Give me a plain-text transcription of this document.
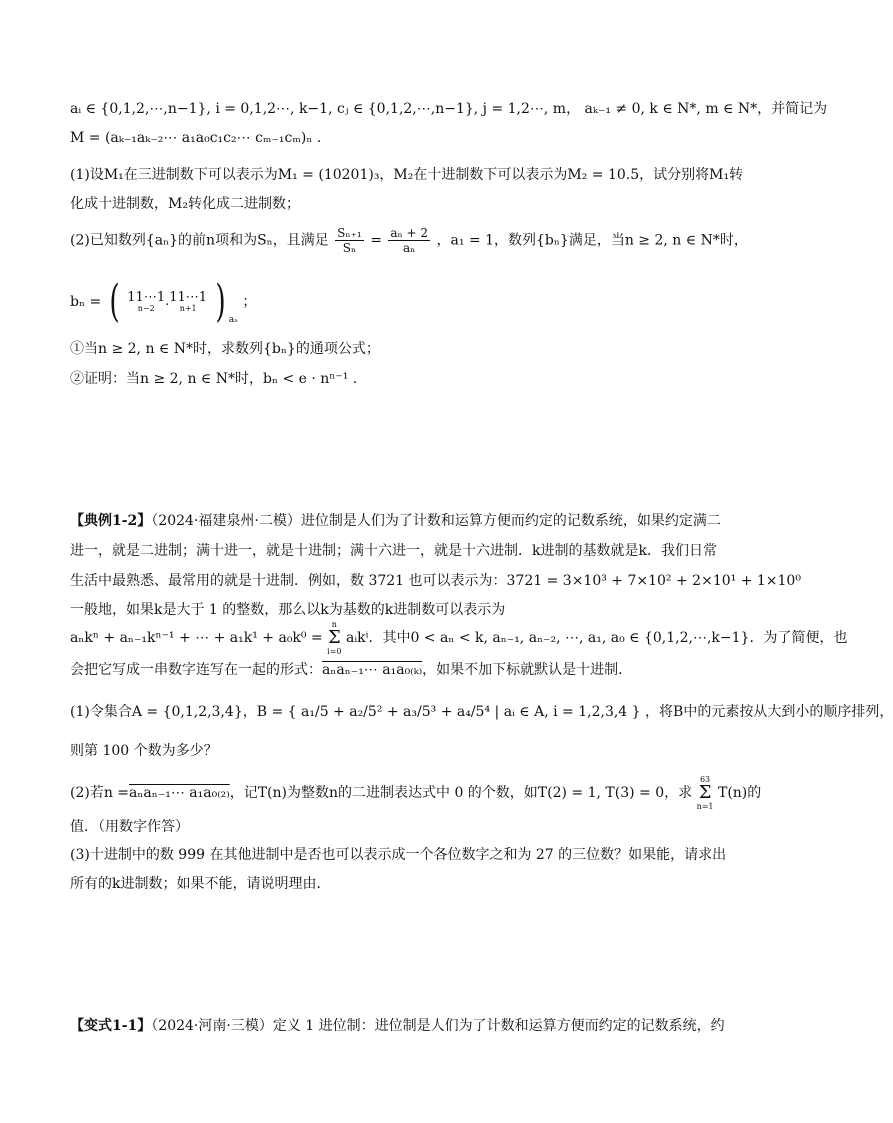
aᵢ ∈ {0,1,2,⋯,n−1}, i = 0,1,2⋯, k−1, cⱼ ∈ {0,1,2,⋯,n−1}, j = 1,2⋯, m， aₖ₋₁ ≠ 0, k ∈ N*, m ∈ N*，并简记为
M = (aₖ₋₁aₖ₋₂⋯ a₁a₀c₁c₂⋯ cₘ₋₁cₘ)ₙ .
(1)设M₁在三进制数下可以表示为M₁ = (10201)₃，M₂在十进制数下可以表示为M₂ = 10.5，试分别将M₁转
化成十进制数，M₂转化成二进制数；
(2)已知数列{aₙ}的前n项和为Sₙ，且满足 $\frac{\text{Sₙ₊₁}}{\text{Sₙ}} = \frac{\text{aₙ + 2}}{\text{aₙ}}$ ，a₁ = 1，数列{bₙ}满足，当n ≥ 2, n ∈ N*时，
bₙ = ( 11⋯1
n−2 .11⋯1
n+1 ) $_{a_n}$ ；
①当n ≥ 2, n ∈ N*时，求数列{bₙ}的通项公式；
②证明：当n ≥ 2, n ∈ N*时，bₙ < e · nⁿ⁻¹ .
【典例1-2】（2024·福建泉州·二模）进位制是人们为了计数和运算方便而约定的记数系统，如果约定满二
进一，就是二进制；满十进一，就是十进制；满十六进一，就是十六进制．k进制的基数就是k．我们日常
生活中最熟悉、最常用的就是十进制．例如，数 3721 也可以表示为：3721 = 3×10³ + 7×10² + 2×10¹ + 1×10⁰
一般地，如果k是大于 1 的整数，那么以k为基数的k进制数可以表示为
aₙkⁿ + aₙ₋₁kⁿ⁻¹ + ⋯ + a₁k¹ + a₀k⁰ = n
Σ
i=0 aᵢkⁱ．其中0 < aₙ < k, aₙ₋₁, aₙ₋₂, ⋯, a₁, a₀ ∈ {0,1,2,⋯,k−1}．为了简便，也
会把它写成一串数字连写在一起的形式：aₙaₙ₋₁⋯ a₁a₀₍ₖ₎，如果不加下标就默认是十进制．
(1)令集合A = {0,1,2,3,4}，B = { a₁/5 + a₂/5² + a₃/5³ + a₄/5⁴ | aᵢ ∈ A, i = 1,2,3,4 } ，将B中的元素按从大到小的顺序排列，
则第 100 个数为多少？
(2)若n =aₙaₙ₋₁⋯ a₁a₀₍₂₎，记T(n)为整数n的二进制表达式中 0 的个数，如T(2) = 1, T(3) = 0，求 63
Σ
n=1 T(n)的
值．（用数字作答）
(3)十进制中的数 999 在其他进制中是否也可以表示成一个各位数字之和为 27 的三位数？如果能，请求出
所有的k进制数；如果不能，请说明理由．
【变式1-1】（2024·河南·三模）定义 1 进位制：进位制是人们为了计数和运算方便而约定的记数系统，约
